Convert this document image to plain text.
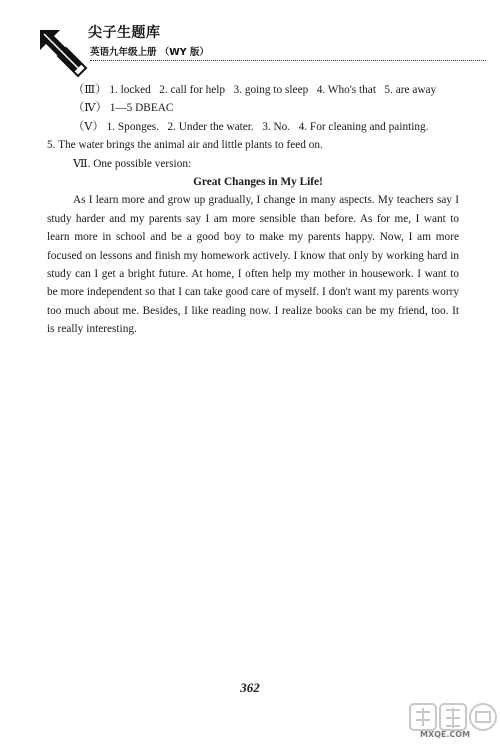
尖子生题库
英语九年级上册 （WY 版）
（Ⅲ） 1. locked   2. call for help   3. going to sleep   4. Who's that   5. are away
（Ⅳ） 1—5 DBEAC
（Ⅴ） 1. Sponges.   2. Under the water.   3. No.   4. For cleaning and painting.
5. The water brings the animal air and little plants to feed on.
Ⅶ. One possible version:
Great Changes in My Life!

As I learn more and grow up gradually, I change in many aspects. My teachers say I study harder and my parents say I am more sensible than before. As for me, I want to learn more in school and be a good boy to make my parents happy. Now, I am more focused on lessons and finish my homework actively. I know that only by working hard in study can I get a bright future. At home, I often help my mother in housework. I want to be more independent so that I can take good care of myself. I don't want my parents worry too much about me. Besides, I like reading now. I realize books can be my friend, too. It is really interesting.

362
MXQE.COM
